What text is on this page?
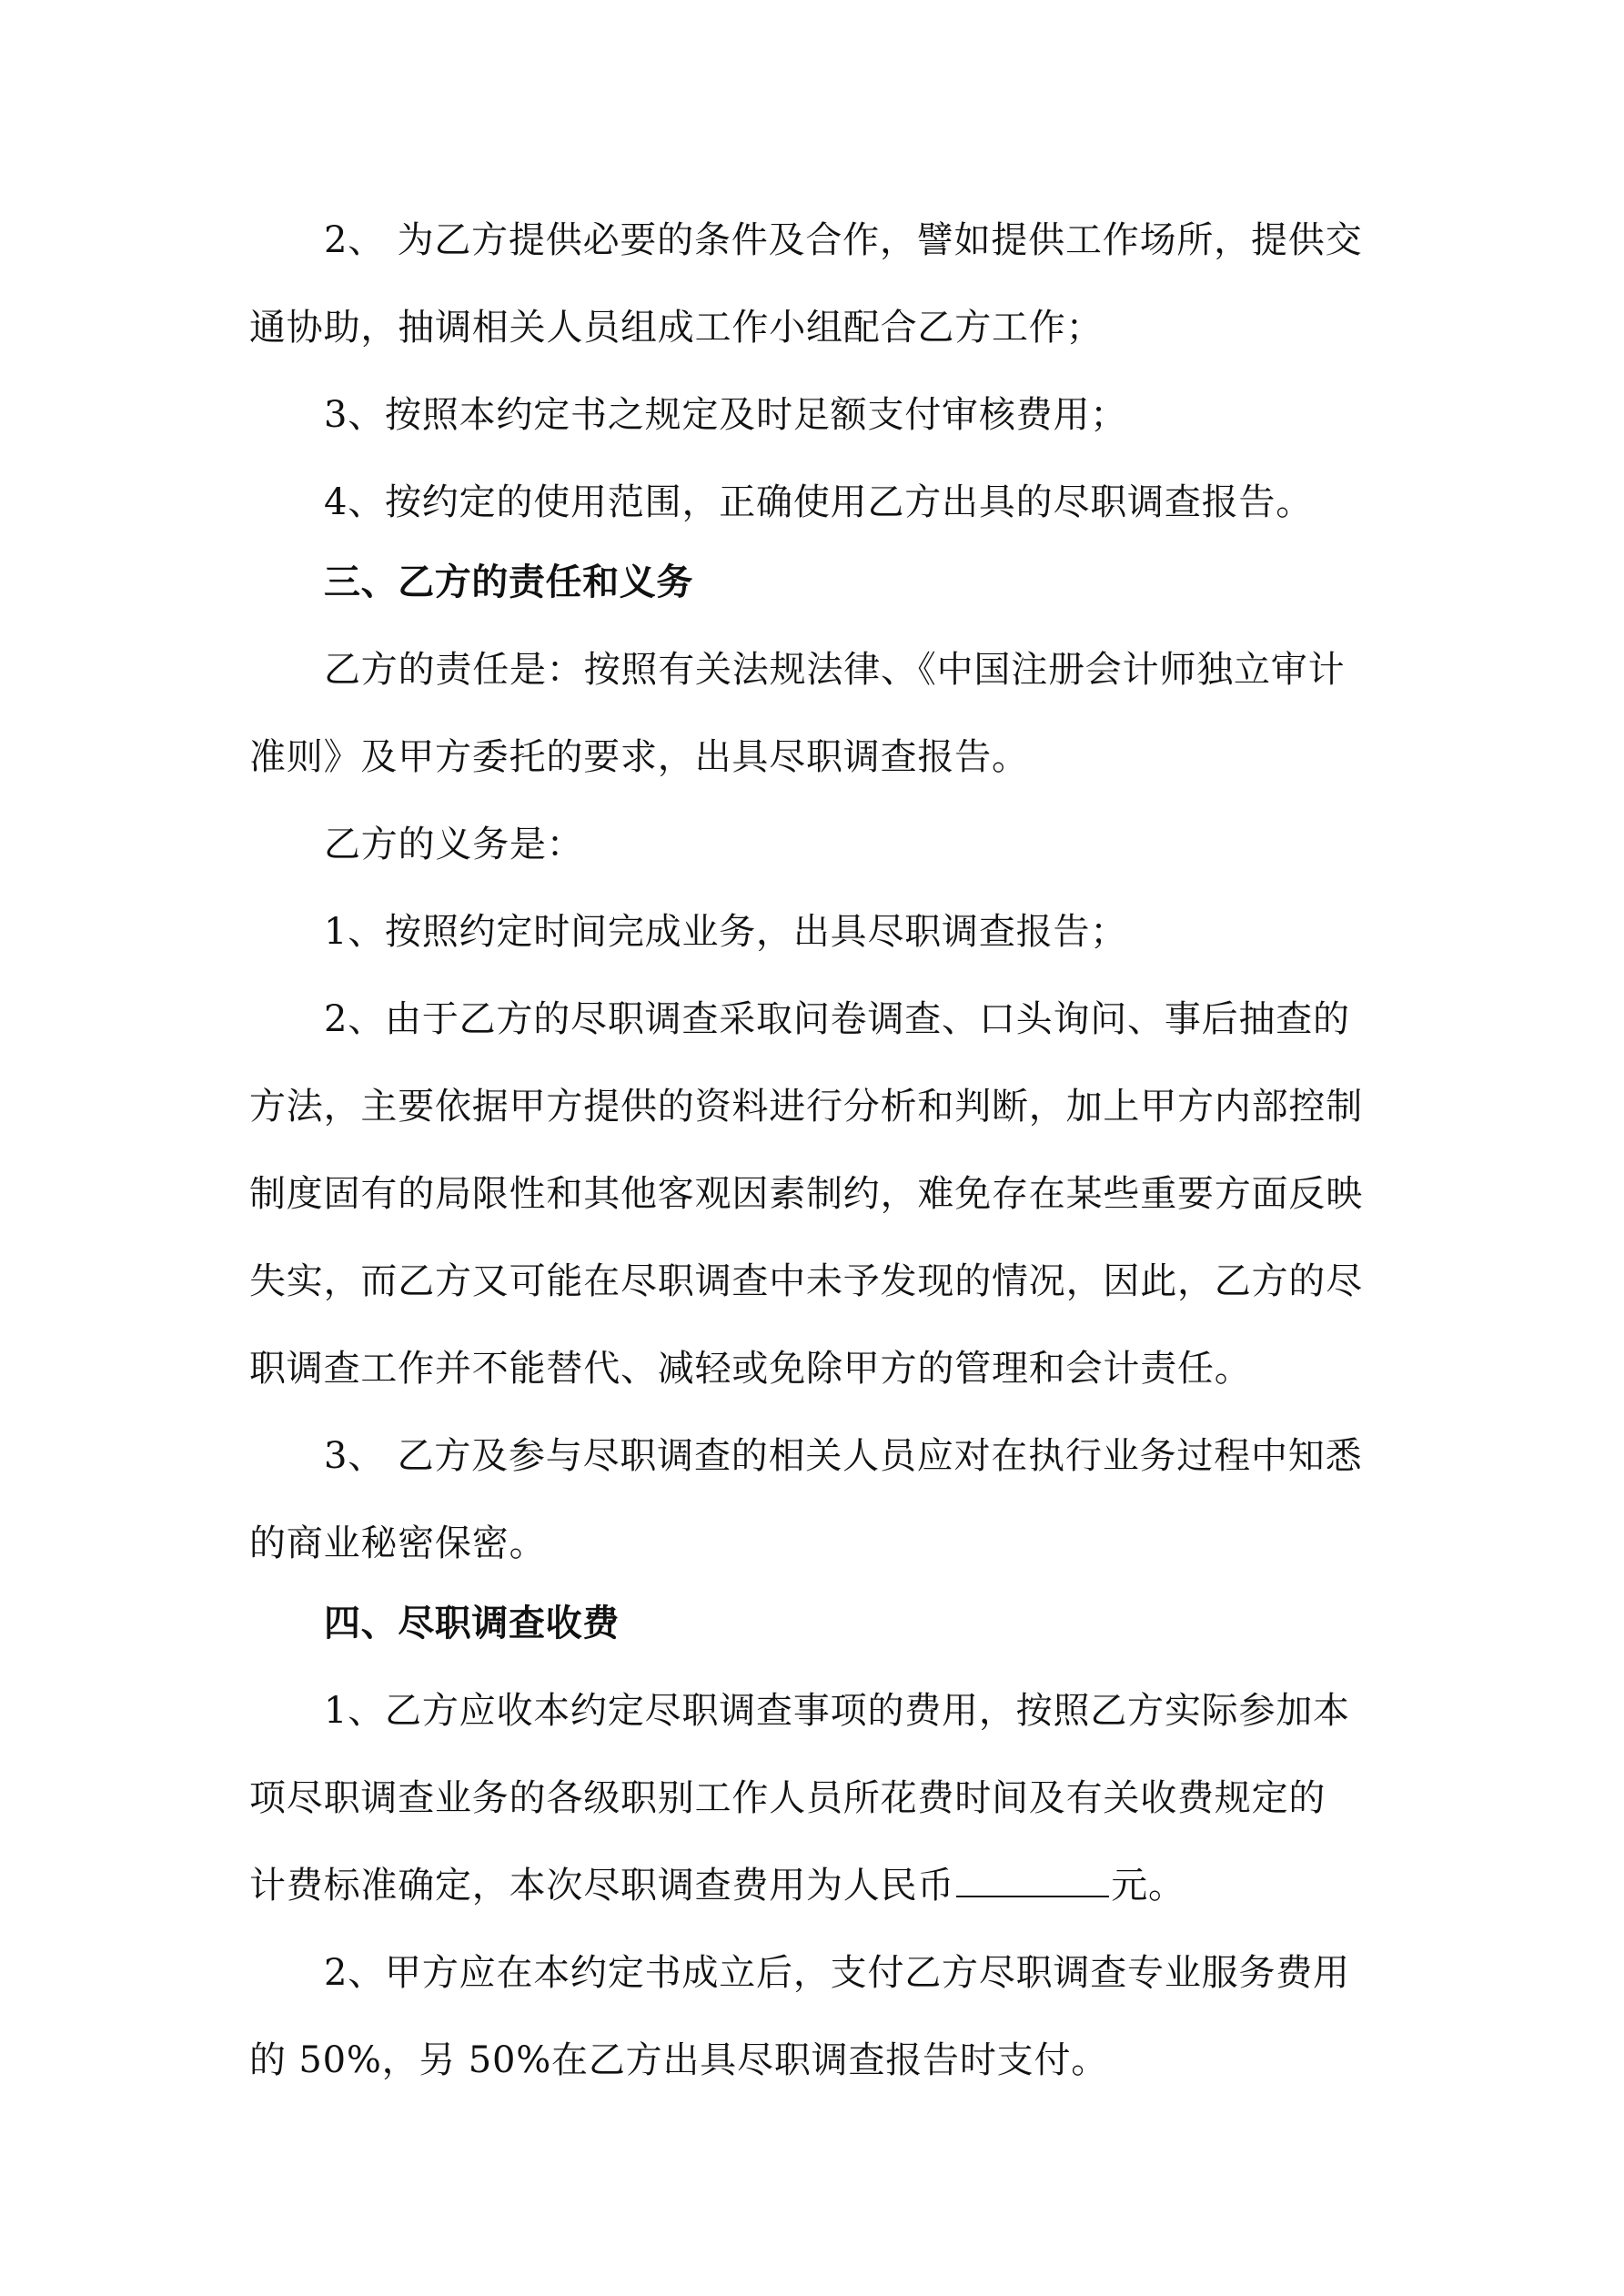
2、 为乙方提供必要的条件及合作，譬如提供工作场所，提供交
通协助，抽调相关人员组成工作小组配合乙方工作；
3、按照本约定书之规定及时足额支付审核费用；
4、按约定的使用范围，正确使用乙方出具的尽职调查报告。
三、乙方的责任和义务
乙方的责任是：按照有关法规法律、《中国注册会计师独立审计
准则》及甲方委托的要求，出具尽职调查报告。
乙方的义务是：
1、按照约定时间完成业务，出具尽职调查报告；
2、由于乙方的尽职调查采取问卷调查、口头询问、事后抽查的
方法，主要依据甲方提供的资料进行分析和判断，加上甲方内部控制
制度固有的局限性和其他客观因素制约，难免存在某些重要方面反映
失实，而乙方又可能在尽职调查中未予发现的情况，因此，乙方的尽
职调查工作并不能替代、减轻或免除甲方的管理和会计责任。
3、 乙方及参与尽职调查的相关人员应对在执行业务过程中知悉
的商业秘密保密。
四、尽职调查收费
1、乙方应收本约定尽职调查事项的费用，按照乙方实际参加本
项尽职调查业务的各级职别工作人员所花费时间及有关收费规定的
计费标准确定，本次尽职调查费用为人民币	元。
2、甲方应在本约定书成立后，支付乙方尽职调查专业服务费用
的 50%，另 50%在乙方出具尽职调查报告时支付。
